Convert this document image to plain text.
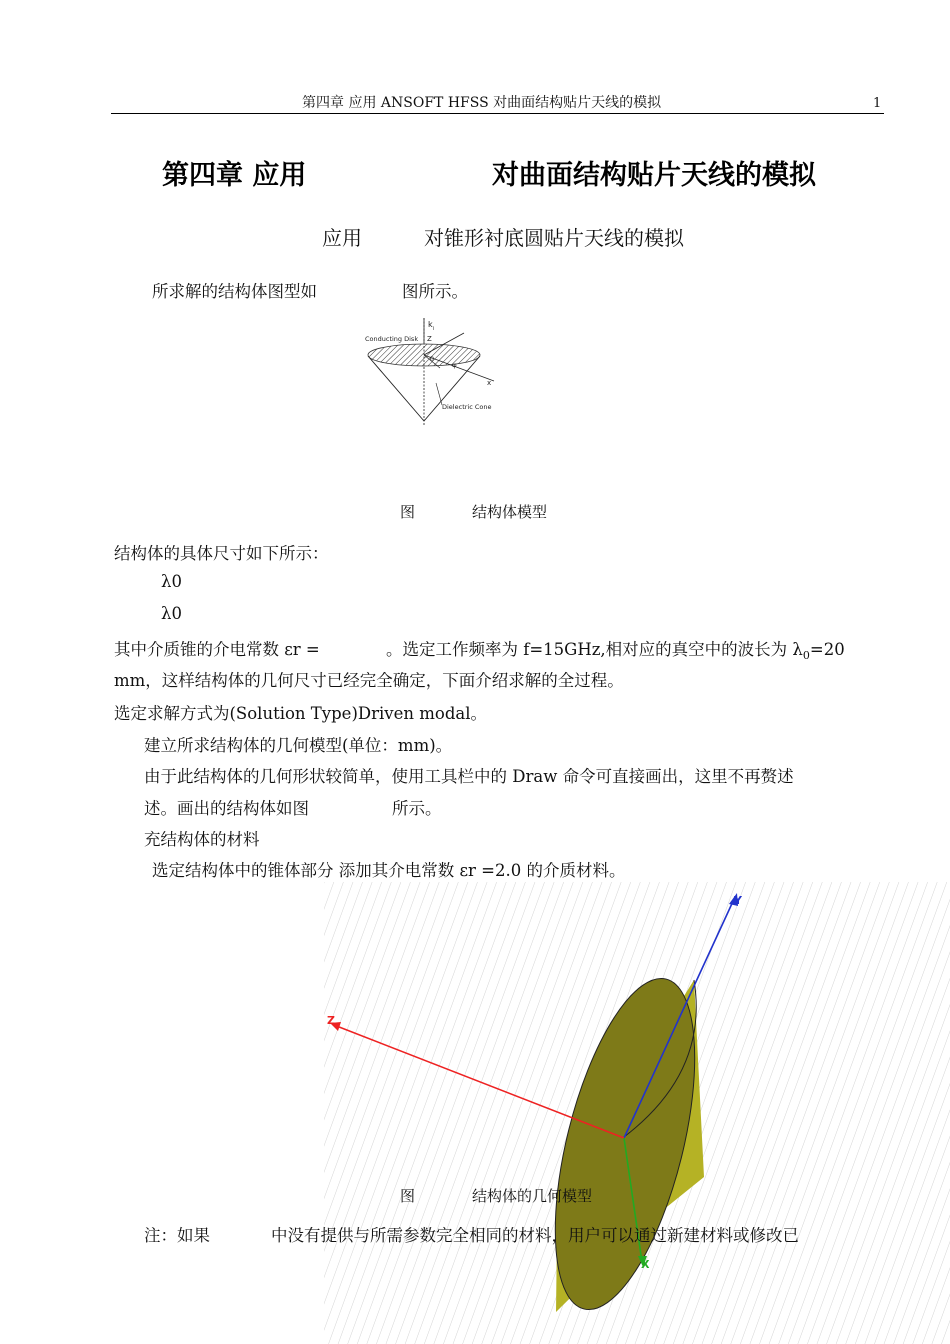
第四章 应用 ANSOFT HFSS 对曲面结构贴片天线的模拟	1
第四章 应用	对曲面结构贴片天线的模拟
应用	对锥形衬底圆贴片天线的模拟
所求解的结构体图型如	图所示。
Conducting Disk Z
k i
θ
φ
x
Dielectric Cone
图	结构体模型
结构体的具体尺寸如下所示：
λ0
λ0
其中介质锥的介电常数 εr =	。选定工作频率为 f=15GHz,相对应的真空中的波长为 $\lambda_0=20$
mm，这样结构体的几何尺寸已经完全确定，下面介绍求解的全过程。
选定求解方式为(Solution Type)Driven modal。
建立所求结构体的几何模型(单位：mm)。
由于此结构体的几何形状较简单，使用工具栏中的 Draw 命令可直接画出，这里不再赘述
述。画出的结构体如图	所示。
充结构体的材料
选定结构体中的锥体部分 添加其介电常数 εr =2.0 的介质材料。
Y
Z
X
图	结构体的几何模型
注：如果	中没有提供与所需参数完全相同的材料，用户可以通过新建材料或修改已
